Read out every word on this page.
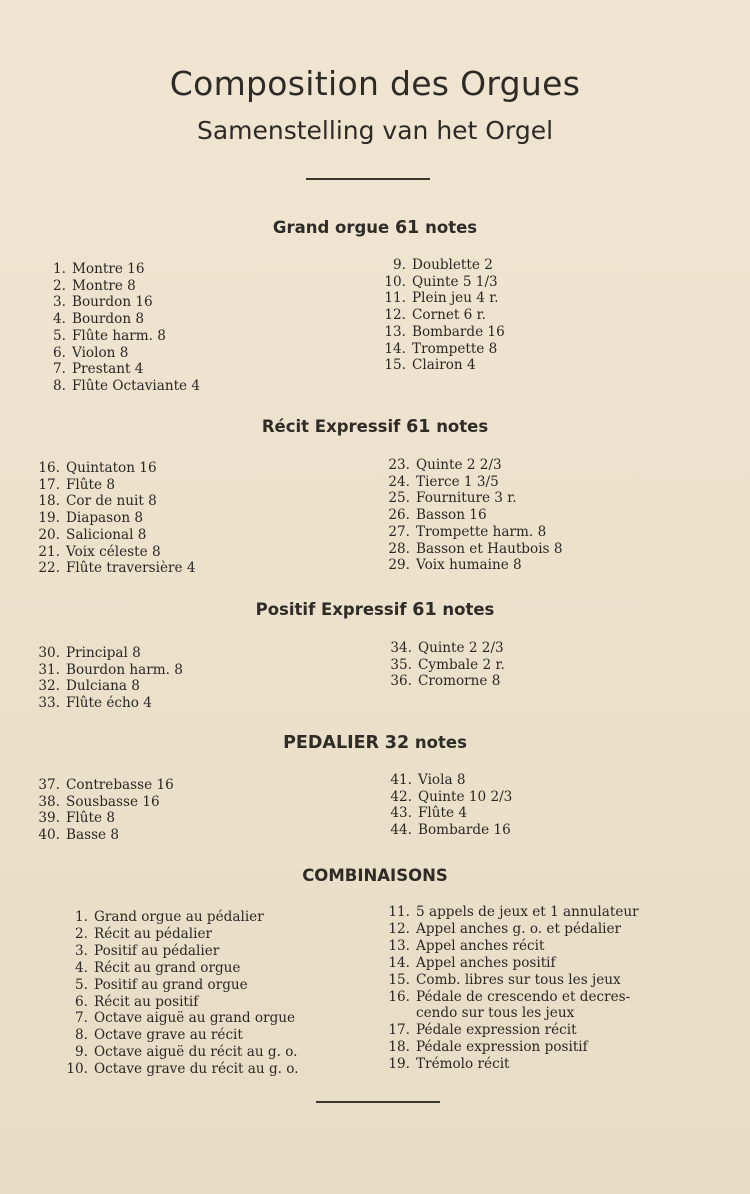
Composition des Orgues
Samenstelling van het Orgel
Grand orgue 61 notes
1. Montre 16
2. Montre 8
3. Bourdon 16
4. Bourdon 8
5. Flûte harm. 8
6. Violon 8
7. Prestant 4
8. Flûte Octaviante 4
9. Doublette 2
10. Quinte 5 1/3
11. Plein jeu 4 r.
12. Cornet 6 r.
13. Bombarde 16
14. Trompette 8
15. Clairon 4
Récit Expressif 61 notes
16. Quintaton 16
17. Flûte 8
18. Cor de nuit 8
19. Diapason 8
20. Salicional 8
21. Voix céleste 8
22. Flûte traversière 4
23. Quinte 2 2/3
24. Tierce 1 3/5
25. Fourniture 3 r.
26. Basson 16
27. Trompette harm. 8
28. Basson et Hautbois 8
29. Voix humaine 8
Positif Expressif 61 notes
30. Principal 8
31. Bourdon harm. 8
32. Dulciana 8
33. Flûte écho 4
34. Quinte 2 2/3
35. Cymbale 2 r.
36. Cromorne 8
PEDALIER 32 notes
37. Contrebasse 16
38. Sousbasse 16
39. Flûte 8
40. Basse 8
41. Viola 8
42. Quinte 10 2/3
43. Flûte 4
44. Bombarde 16
COMBINAISONS
1. Grand orgue au pédalier
2. Récit au pédalier
3. Positif au pédalier
4. Récit au grand orgue
5. Positif au grand orgue
6. Récit au positif
7. Octave aiguë au grand orgue
8. Octave grave au récit
9. Octave aiguë du récit au g. o.
10. Octave grave du récit au g. o.
11. 5 appels de jeux et 1 annulateur
12. Appel anches g. o. et pédalier
13. Appel anches récit
14. Appel anches positif
15. Comb. libres sur tous les jeux
16. Pédale de crescendo et decres-
cendo sur tous les jeux
17. Pédale expression récit
18. Pédale expression positif
19. Trémolo récit
